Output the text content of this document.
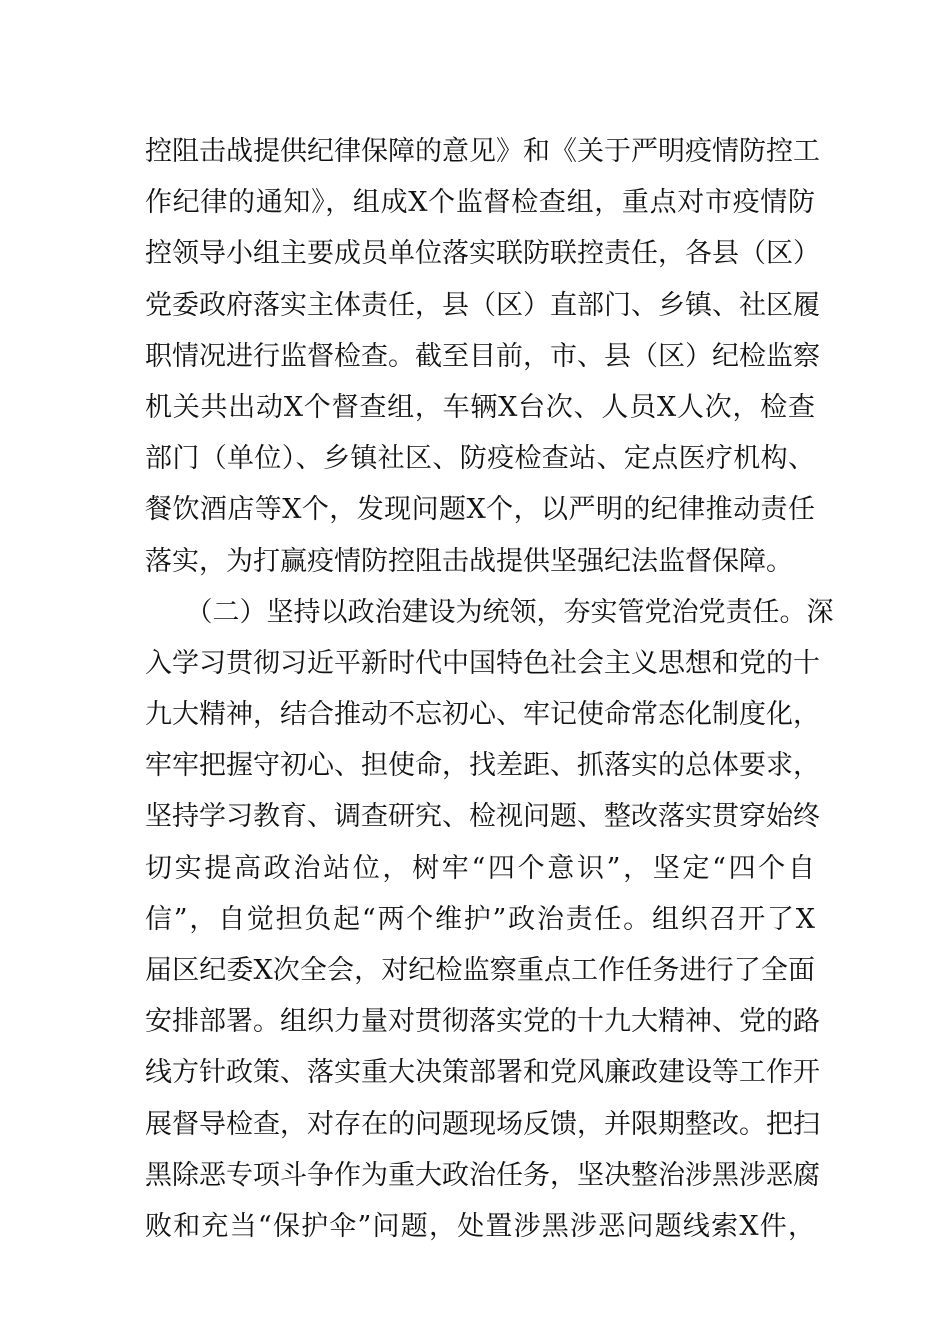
控阻击战提供纪律保障的意见》和《关于严明疫情防控工
作纪律的通知》，组成X个监督检查组，重点对市疫情防
控领导小组主要成员单位落实联防联控责任，各县（区）
党委政府落实主体责任，县（区）直部门、乡镇、社区履
职情况进行监督检查。截至目前，市、县（区）纪检监察
机关共出动X个督查组，车辆X台次、人员X人次，检查
部门（单位）、乡镇社区、防疫检查站、定点医疗机构、
餐饮酒店等X个，发现问题X个，以严明的纪律推动责任
落实，为打赢疫情防控阻击战提供坚强纪法监督保障。
　　（二）坚持以政治建设为统领，夯实管党治党责任。深
入学习贯彻习近平新时代中国特色社会主义思想和党的十
九大精神，结合推动不忘初心、牢记使命常态化制度化，
牢牢把握守初心、担使命，找差距、抓落实的总体要求，
坚持学习教育、调查研究、检视问题、整改落实贯穿始终
切实提高政治站位，树牢“四个意识”，坚定“四个自
信”，自觉担负起“两个维护”政治责任。组织召开了X
届区纪委X次全会，对纪检监察重点工作任务进行了全面
安排部署。组织力量对贯彻落实党的十九大精神、党的路
线方针政策、落实重大决策部署和党风廉政建设等工作开
展督导检查，对存在的问题现场反馈，并限期整改。把扫
黑除恶专项斗争作为重大政治任务，坚决整治涉黑涉恶腐
败和充当“保护伞”问题，处置涉黑涉恶问题线索X件，
